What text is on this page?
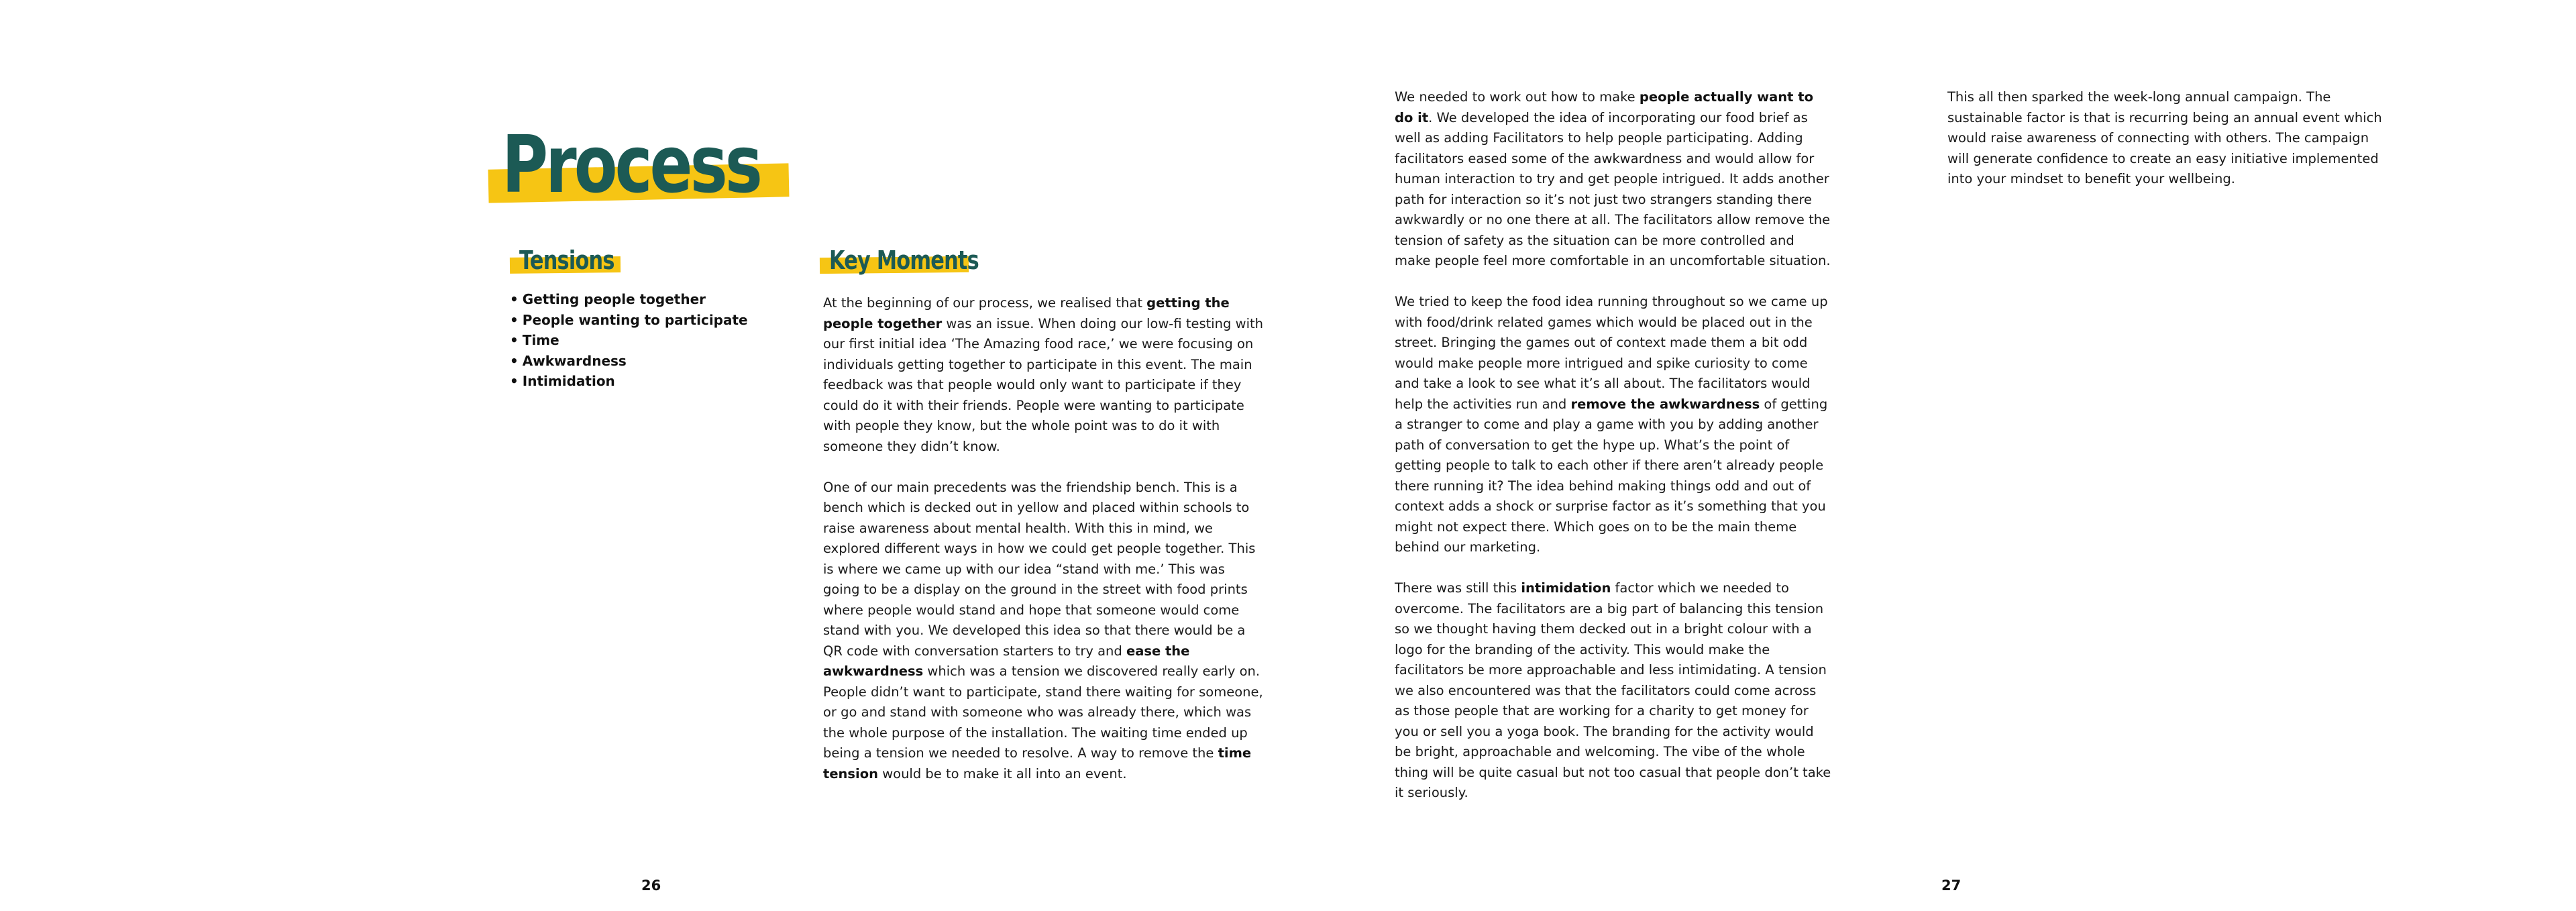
Process
Tensions
• Getting people together
• People wanting to participate
• Time
• Awkwardness
• Intimidation
Key Moments

At the beginning of our process, we realised that getting the people together was an issue. When doing our low-fi testing with our first initial idea ‘The Amazing food race,’ we were focusing on individuals getting together to participate in this event. The main feedback was that people would only want to participate if they could do it with their friends. People were wanting to participate with people they know, but the whole point was to do it with someone they didn’t know.

One of our main precedents was the friendship bench. This is a bench which is decked out in yellow and placed within schools to raise awareness about mental health. With this in mind, we explored different ways in how we could get people together. This is where we came up with our idea “stand with me.’ This was going to be a display on the ground in the street with food prints where people would stand and hope that someone would come stand with you. We developed this idea so that there would be a QR code with conversation starters to try and ease the awkwardness which was a tension we discovered really early on. People didn’t want to participate, stand there waiting for someone, or go and stand with someone who was already there, which was the whole purpose of the installation. The waiting time ended up being a tension we needed to resolve. A way to remove the time tension would be to make it all into an event.

26

We needed to work out how to make people actually want to do it. We developed the idea of incorporating our food brief as well as adding Facilitators to help people participating. Adding facilitators eased some of the awkwardness and would allow for human interaction to try and get people intrigued. It adds another path for interaction so it’s not just two strangers standing there awkwardly or no one there at all. The facilitators allow remove the tension of safety as the situation can be more controlled and make people feel more comfortable in an uncomfortable situation.

We tried to keep the food idea running throughout so we came up with food/drink related games which would be placed out in the street. Bringing the games out of context made them a bit odd would make people more intrigued and spike curiosity to come and take a look to see what it’s all about. The facilitators would help the activities run and remove the awkwardness of getting a stranger to come and play a game with you by adding another path of conversation to get the hype up. What’s the point of getting people to talk to each other if there aren’t already people there running it? The idea behind making things odd and out of context adds a shock or surprise factor as it’s something that you might not expect there. Which goes on to be the main theme behind our marketing.

There was still this intimidation factor which we needed to overcome. The facilitators are a big part of balancing this tension so we thought having them decked out in a bright colour with a logo for the branding of the activity. This would make the facilitators be more approachable and less intimidating. A tension we also encountered was that the facilitators could come across as those people that are working for a charity to get money for you or sell you a yoga book. The branding for the activity would be bright, approachable and welcoming. The vibe of the whole thing will be quite casual but not too casual that people don’t take it seriously.

This all then sparked the week-long annual campaign. The sustainable factor is that is recurring being an annual event which would raise awareness of connecting with others. The campaign will generate confidence to create an easy initiative implemented into your mindset to benefit your wellbeing.

27
